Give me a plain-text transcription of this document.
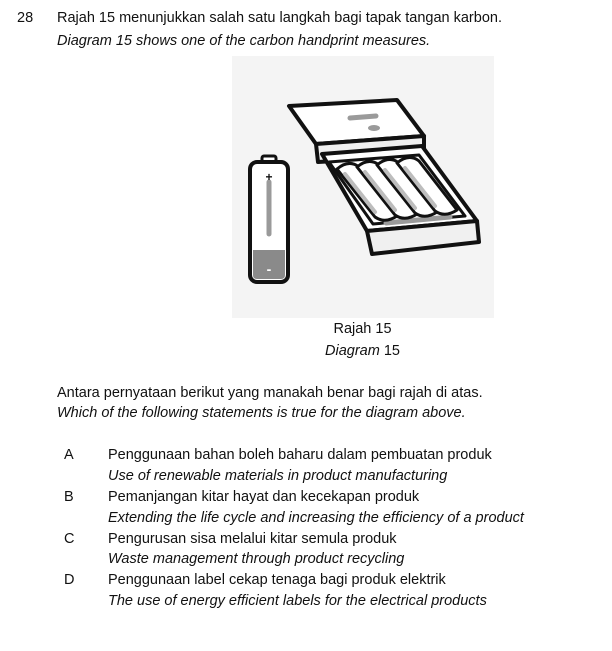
28 Rajah 15 menunjukkan salah satu langkah bagi tapak tangan karbon.
Diagram 15 shows one of the carbon handprint measures.
+
-
Rajah 15
Diagram 15
Antara pernyataan berikut yang manakah benar bagi rajah di atas.
Which of the following statements is true for the diagram above.
A Penggunaan bahan boleh baharu dalam pembuatan produk
Use of renewable materials in product manufacturing
B Pemanjangan kitar hayat dan kecekapan produk
Extending the life cycle and increasing the efficiency of a product
C Pengurusan sisa melalui kitar semula produk
Waste management through product recycling
D Penggunaan label cekap tenaga bagi produk elektrik
The use of energy efficient labels for the electrical products
